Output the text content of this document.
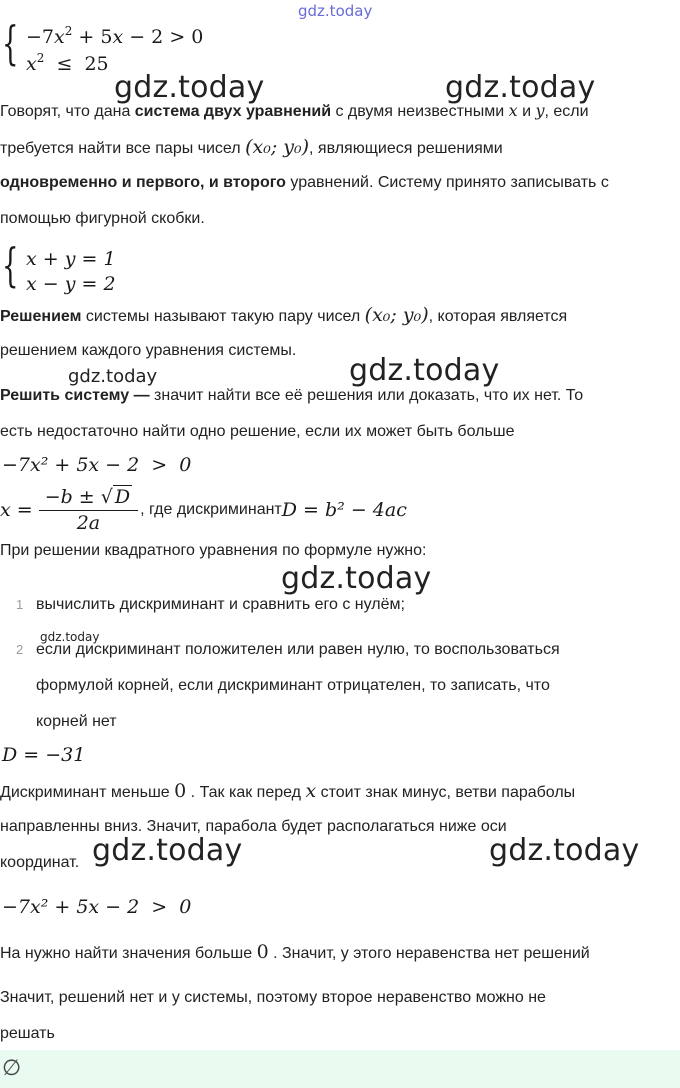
gdz.today
{ $-7x^2 + 5x - 2 > 0$
$x^2 \le 25$
gdz.today	gdz.today
Говорят, что дана система двух уравнений с двумя неизвестными x и y, если
требуется найти все пары чисел (x₀; y₀), являющиеся решениями
одновременно и первого, и второго уравнений. Систему принято записывать с
помощью фигурной скобки.
{ x + y = 1
x − y = 2
Решением системы называют такую пару чисел (x₀; y₀), которая является
решением каждого уравнения системы.
gdz.today	gdz.today
Решить систему — значит найти все её решения или доказать, что их нет. То
есть недостаточно найти одно решение, если их может быть больше
−7x² + 5x − 2  >  0
$x = \frac{-b \pm √ D}{2a}$ , где дискриминант D = b² − 4ac
При решении квадратного уравнения по формуле нужно:
gdz.today
1 вычислить дискриминант и сравнить его с нулём;
gdz.today
2 если дискриминант положителен или равен нулю, то воспользоваться
формулой корней, если дискриминант отрицателен, то записать, что
корней нет
D = −31
Дискриминант меньше 0 . Так как перед x стоит знак минус, ветви параболы
направленны вниз. Значит, парабола будет располагаться ниже оси
координат. gdz.today	gdz.today
−7x² + 5x − 2  >  0
На нужно найти значения больше 0 . Значит, у этого неравенства нет решений
Значит, решений нет и у системы, поэтому второе неравенство можно не
решать
∅
